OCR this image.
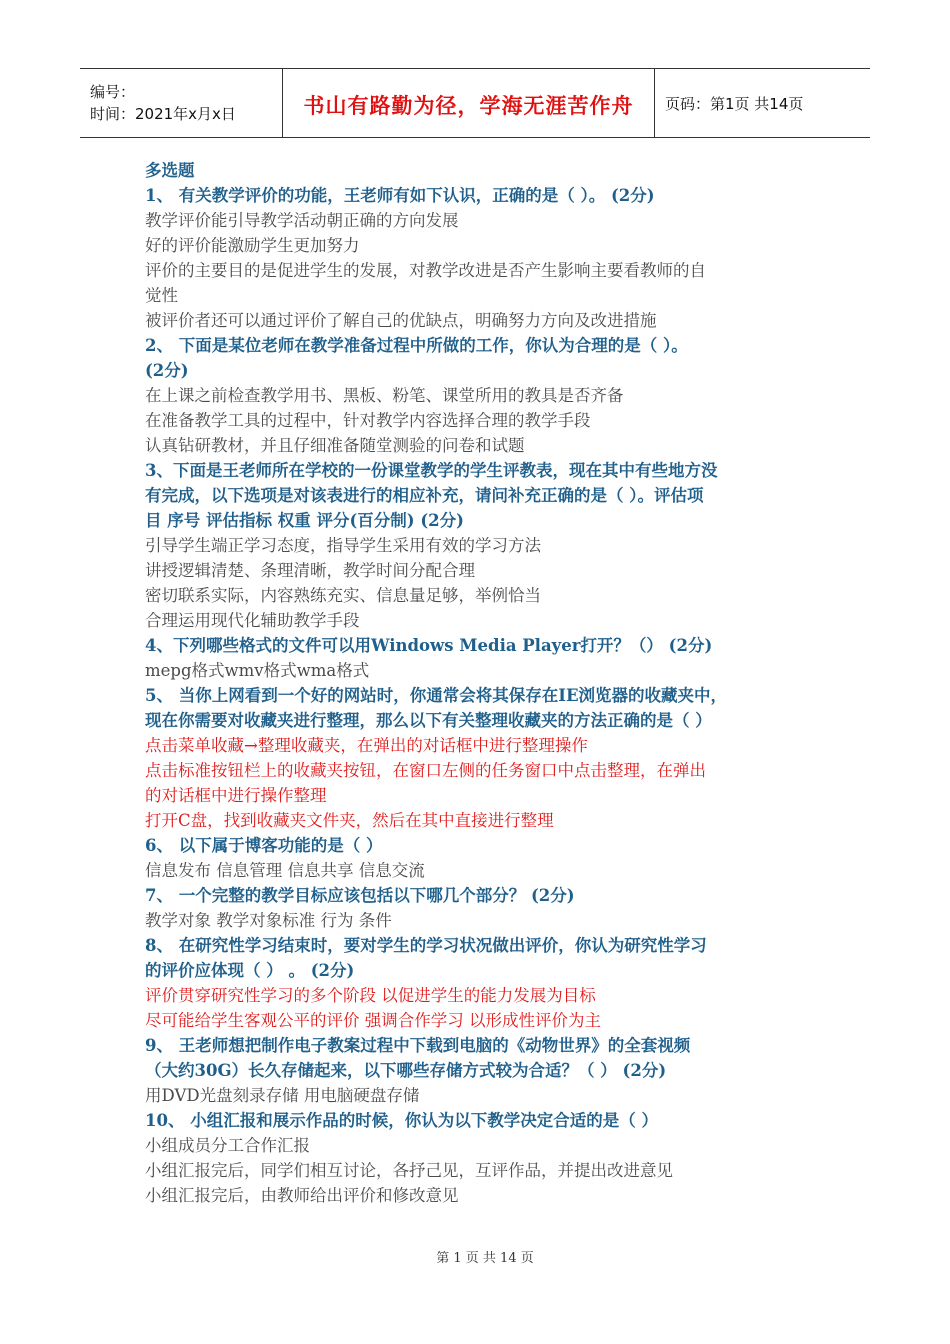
编号：
时间：2021年x月x日	书山有路勤为径，学海无涯苦作舟 页码：第1页 共14页
多选题
1、 有关教学评价的功能，王老师有如下认识，正确的是（ ）。 (2分)
教学评价能引导教学活动朝正确的方向发展
好的评价能激励学生更加努力
评价的主要目的是促进学生的发展，对教学改进是否产生影响主要看教师的自
觉性
被评价者还可以通过评价了解自己的优缺点，明确努力方向及改进措施
2、 下面是某位老师在教学准备过程中所做的工作，你认为合理的是（ ）。
(2分)
在上课之前检查教学用书、黑板、粉笔、课堂所用的教具是否齐备
在准备教学工具的过程中，针对教学内容选择合理的教学手段
认真钻研教材，并且仔细准备随堂测验的问卷和试题
3、下面是王老师所在学校的一份课堂教学的学生评教表，现在其中有些地方没
有完成，以下选项是对该表进行的相应补充，请问补充正确的是（ ）。评估项
目 序号 评估指标 权重 评分(百分制) (2分)
引导学生端正学习态度，指导学生采用有效的学习方法
讲授逻辑清楚、条理清晰，教学时间分配合理
密切联系实际，内容熟练充实、信息量足够，举例恰当
合理运用现代化辅助教学手段
4、下列哪些格式的文件可以用Windows Media Player打开？（） (2分)
mepg格式wmv格式wma格式
5、 当你上网看到一个好的网站时，你通常会将其保存在IE浏览器的收藏夹中，
现在你需要对收藏夹进行整理，那么以下有关整理收藏夹的方法正确的是（ ）
点击菜单收藏→整理收藏夹，在弹出的对话框中进行整理操作
点击标准按钮栏上的收藏夹按钮，在窗口左侧的任务窗口中点击整理，在弹出
的对话框中进行操作整理
打开C盘，找到收藏夹文件夹，然后在其中直接进行整理
6、 以下属于博客功能的是（ ）
信息发布 信息管理 信息共享 信息交流
7、 一个完整的教学目标应该包括以下哪几个部分？ (2分)
教学对象 教学对象标准 行为 条件
8、 在研究性学习结束时，要对学生的学习状况做出评价，你认为研究性学习
的评价应体现（ ） 。 (2分)
评价贯穿研究性学习的多个阶段 以促进学生的能力发展为目标
尽可能给学生客观公平的评价 强调合作学习 以形成性评价为主
9、 王老师想把制作电子教案过程中下载到电脑的《动物世界》的全套视频
（大约30G）长久存储起来，以下哪些存储方式较为合适？（ ） (2分)
用DVD光盘刻录存储 用电脑硬盘存储
10、 小组汇报和展示作品的时候，你认为以下教学决定合适的是（ ）
小组成员分工合作汇报
小组汇报完后，同学们相互讨论，各抒己见，互评作品，并提出改进意见
小组汇报完后，由教师给出评价和修改意见
第 1 页 共 14 页
